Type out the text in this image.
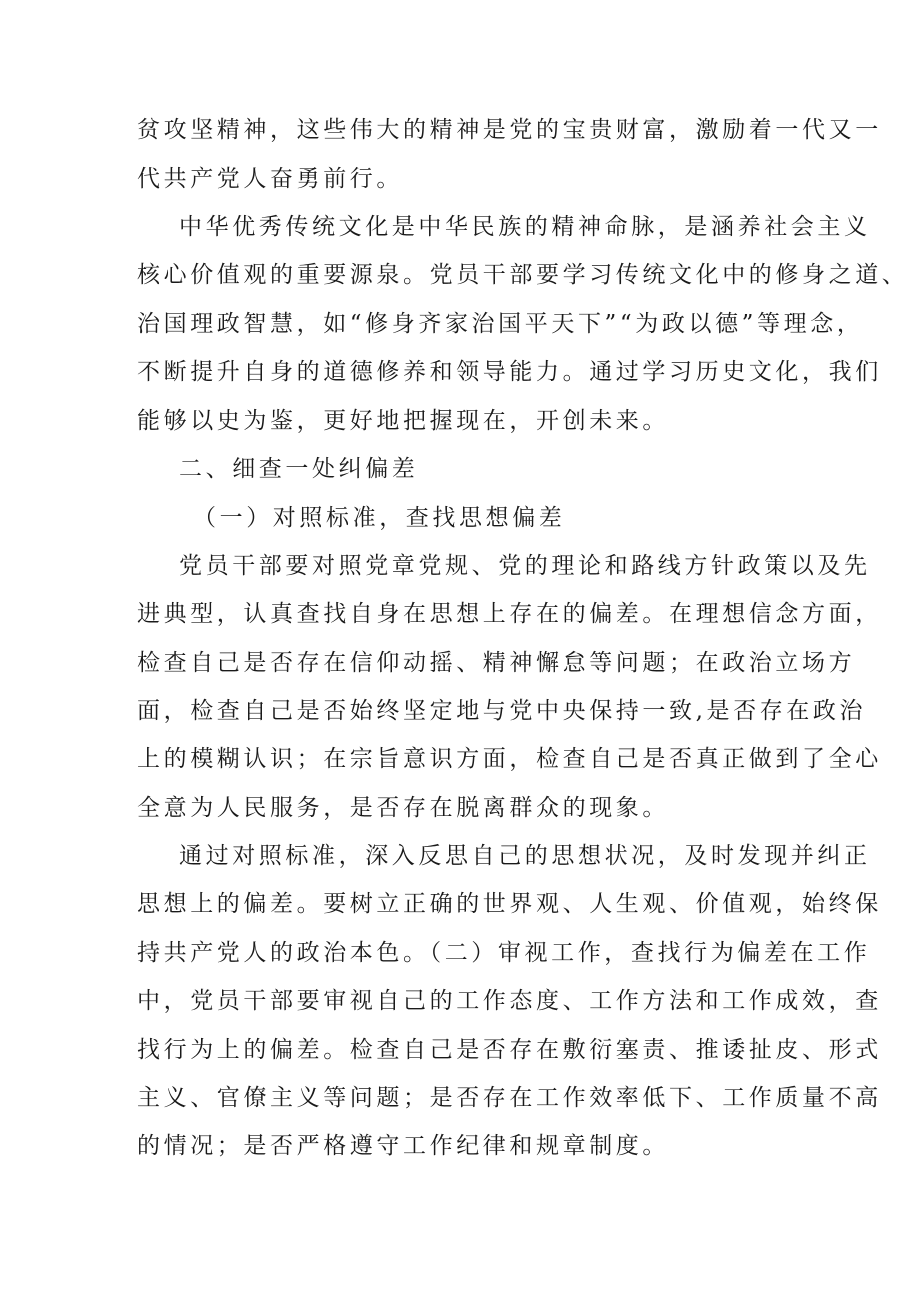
贫攻坚精神，这些伟大的精神是党的宝贵财富，激励着一代又一
代共产党人奋勇前行。
中华优秀传统文化是中华民族的精神命脉，是涵养社会主义
核心价值观的重要源泉。党员干部要学习传统文化中的修身之道、
治国理政智慧，如“修身齐家治国平天下”“为政以德”等理念，
不断提升自身的道德修养和领导能力。通过学习历史文化，我们
能够以史为鉴，更好地把握现在，开创未来。
二、细查一处纠偏差
（一）对照标准，查找思想偏差
党员干部要对照党章党规、党的理论和路线方针政策以及先
进典型，认真查找自身在思想上存在的偏差。在理想信念方面，
检查自己是否存在信仰动摇、精神懈怠等问题；在政治立场方
面，检查自己是否始终坚定地与党中央保持一致,是否存在政治
上的模糊认识；在宗旨意识方面，检查自己是否真正做到了全心
全意为人民服务，是否存在脱离群众的现象。
通过对照标准，深入反思自己的思想状况，及时发现并纠正
思想上的偏差。要树立正确的世界观、人生观、价值观，始终保
持共产党人的政治本色。（二）审视工作，查找行为偏差在工作
中，党员干部要审视自己的工作态度、工作方法和工作成效，查
找行为上的偏差。检查自己是否存在敷衍塞责、推诿扯皮、形式
主义、官僚主义等问题；是否存在工作效率低下、工作质量不高
的情况；是否严格遵守工作纪律和规章制度。
